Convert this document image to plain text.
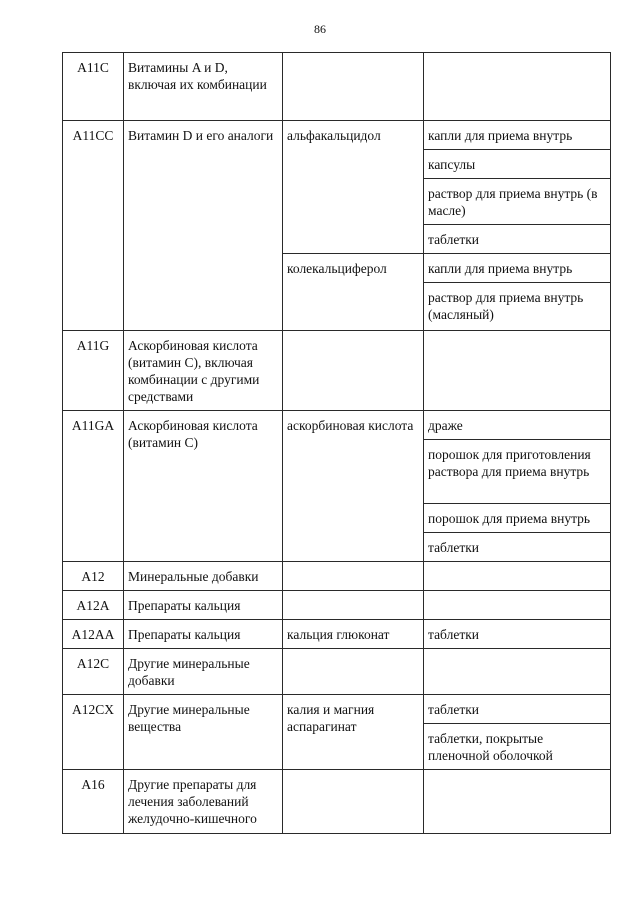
86
A11C	Витамины A и D, включая их комбинации		
A11CC	Витамин D и его аналоги	альфакальцидол	капли для приема внутрь
			капсулы
			раствор для приема внутрь (в масле)
			таблетки
		колекальциферол	капли для приема внутрь
			раствор для приема внутрь (масляный)
A11G	Аскорбиновая кислота (витамин C), включая комбинации с другими средствами		
A11GA	Аскорбиновая кислота (витамин C)	аскорбиновая кислота	драже
			порошок для приготовления раствора для приема внутрь
			порошок для приема внутрь
			таблетки
A12	Минеральные добавки		
A12A	Препараты кальция		
A12AA	Препараты кальция	кальция глюконат	таблетки
A12C	Другие минеральные добавки		
A12CX	Другие минеральные вещества	калия и магния аспарагинат	таблетки
			таблетки, покрытые пленочной оболочкой
A16	Другие препараты для лечения заболеваний желудочно-кишечного		
